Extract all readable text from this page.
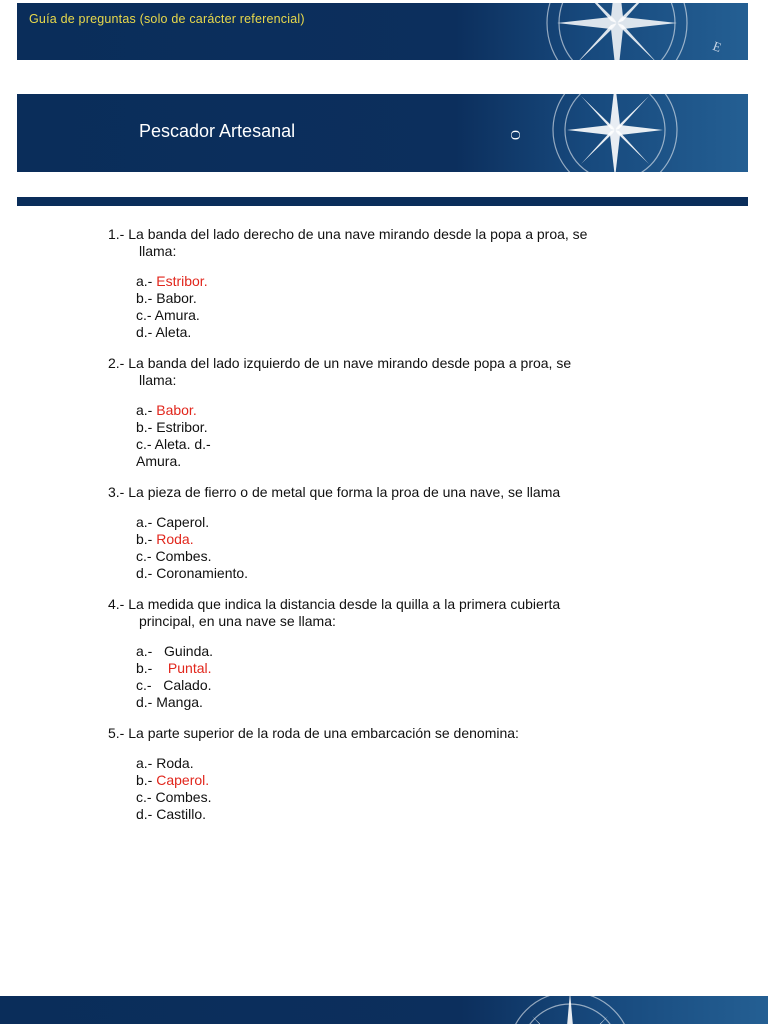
Guía de preguntas (solo de carácter referencial)
E
Pescador Artesanal	O
1.- La banda del lado derecho de una nave mirando desde la popa a proa, se
llama:
a.- Estribor.
b.- Babor.
c.- Amura.
d.- Aleta.
2.- La banda del lado izquierdo de un nave mirando desde popa a proa, se
llama:
a.- Babor.
b.- Estribor.
c.- Aleta. d.-
Amura.
3.- La pieza de fierro o de metal que forma la proa de una nave, se llama
a.- Caperol.
b.- Roda.
c.- Combes.
d.- Coronamiento.
4.- La medida que indica la distancia desde la quilla a la primera cubierta
principal, en una nave se llama:
a.-   Guinda.
b.-    Puntal.
c.-   Calado.
d.- Manga.
5.- La parte superior de la roda de una embarcación se denomina:
a.- Roda.
b.- Caperol.
c.- Combes.
d.- Castillo.
